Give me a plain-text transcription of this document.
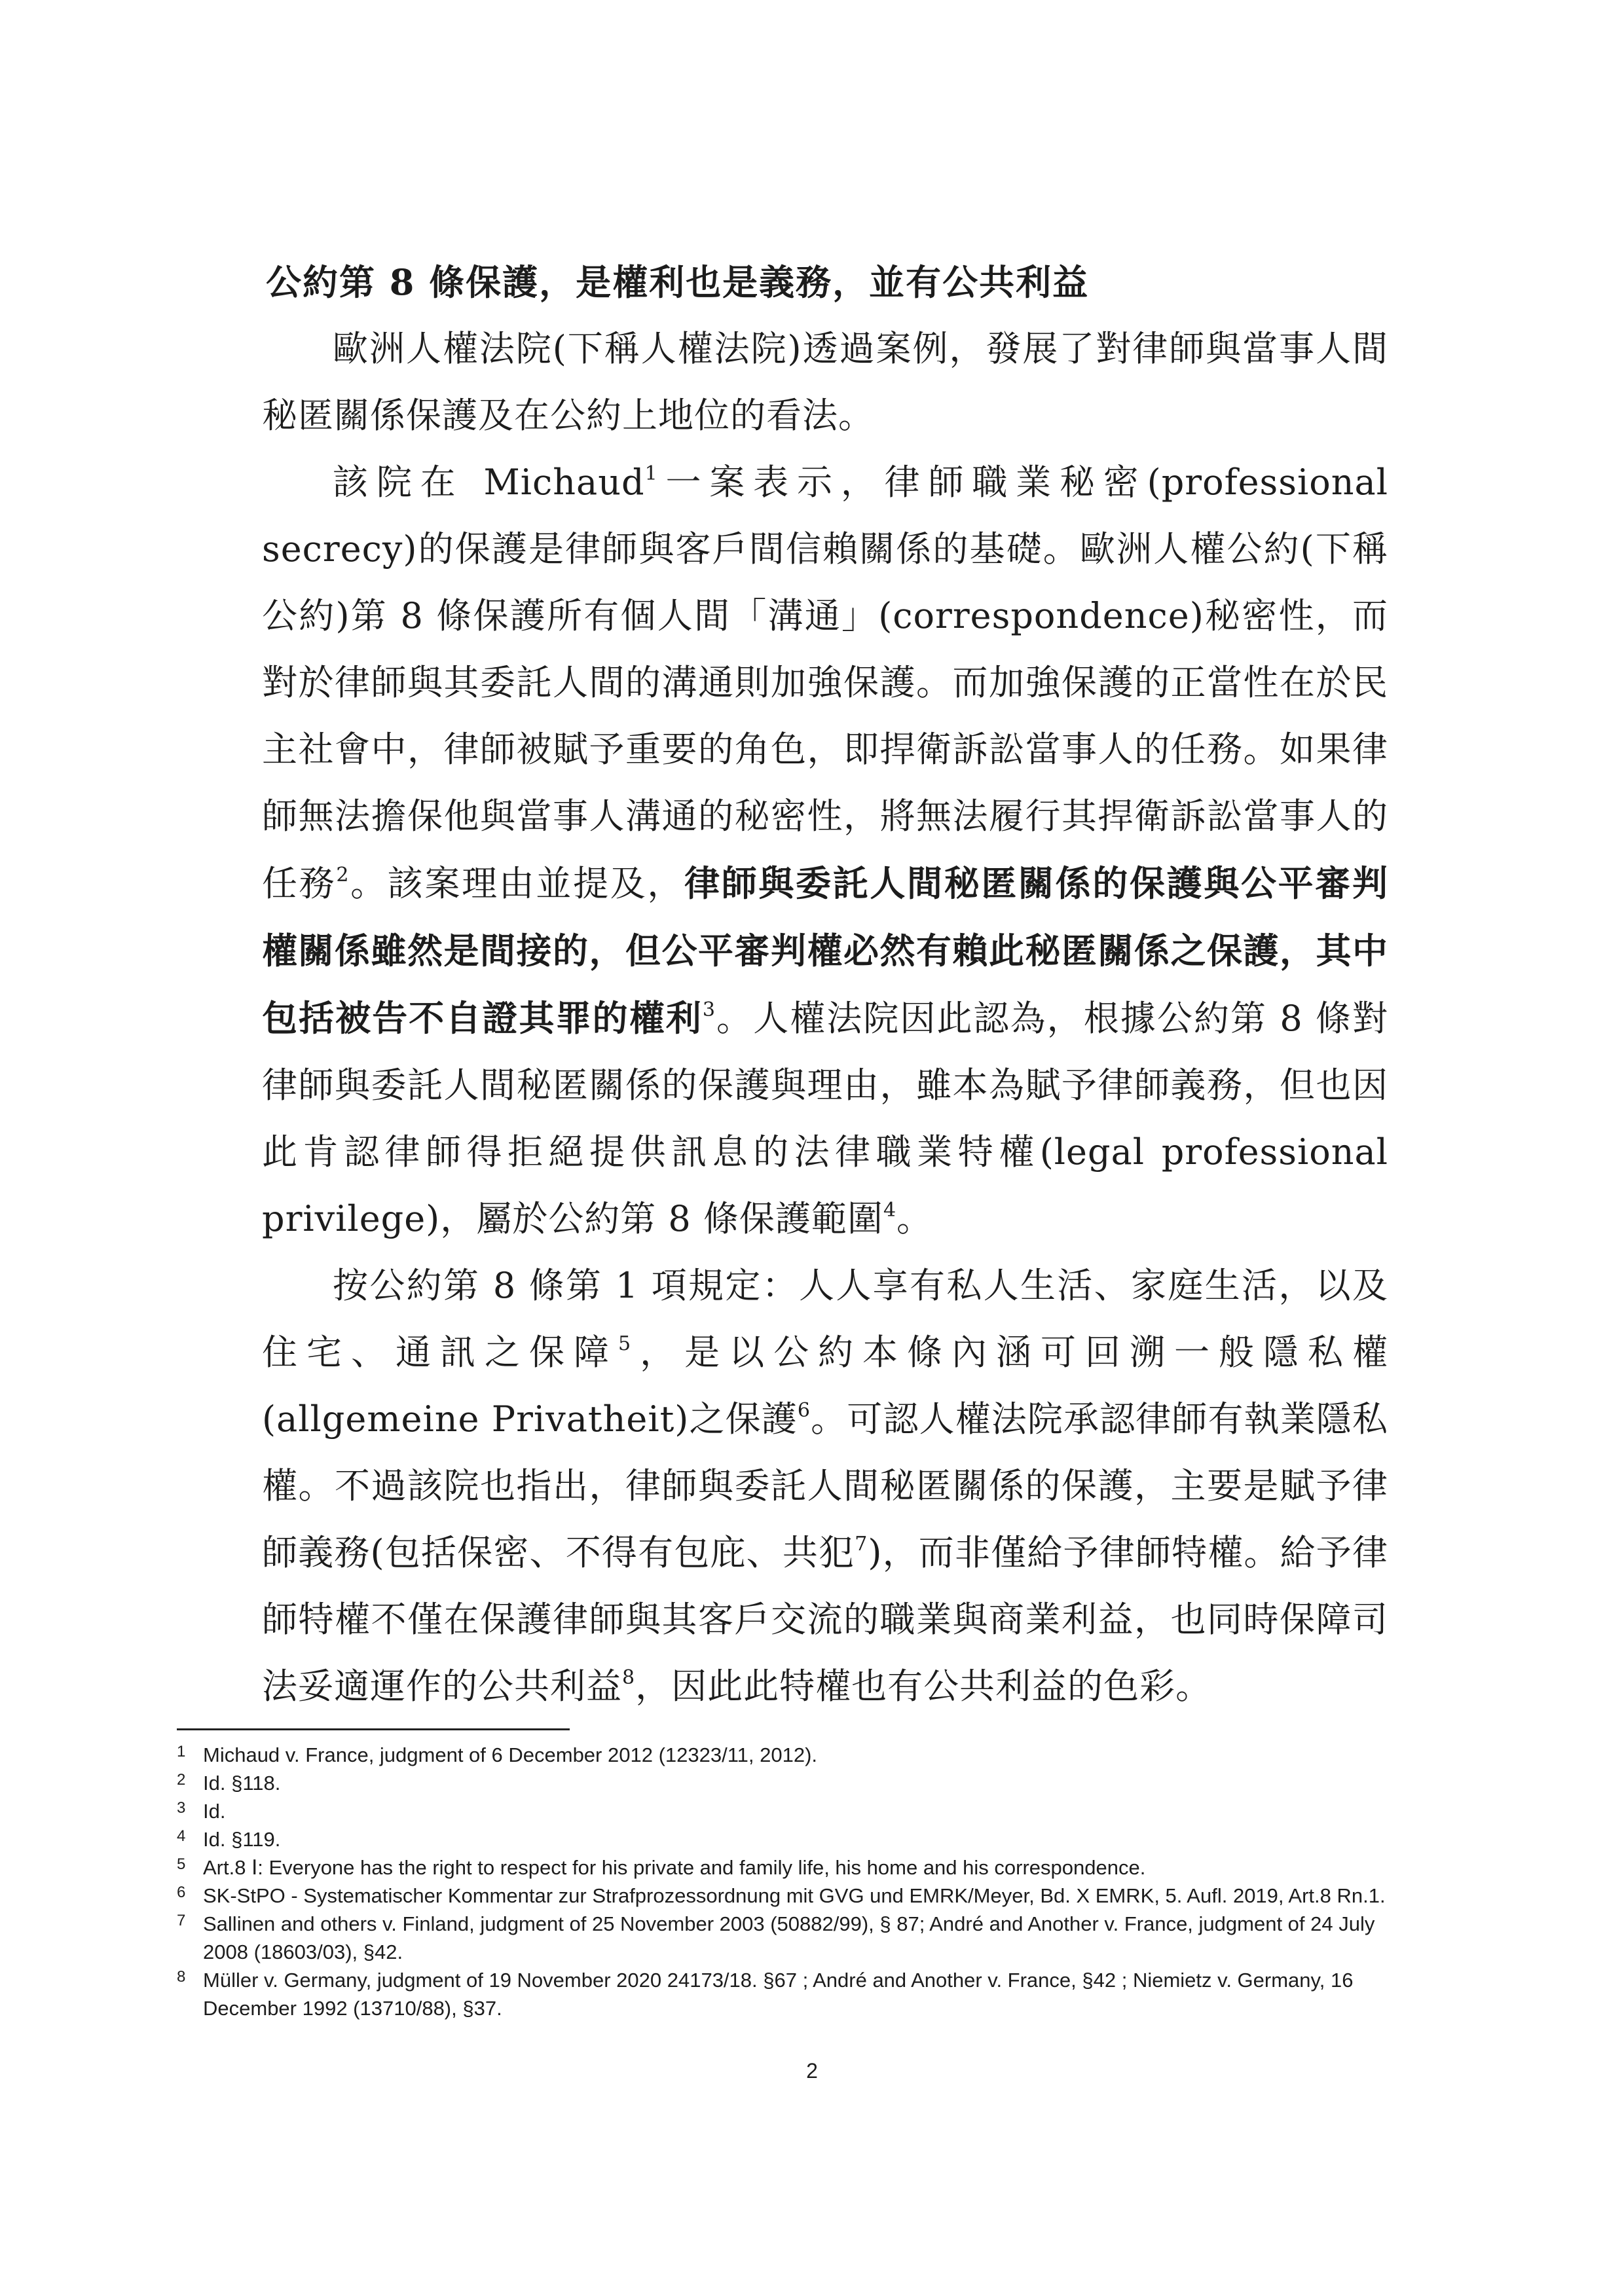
公約第 8 條保護，是權利也是義務，並有公共利益

歐洲人權法院(下稱人權法院)透過案例，發展了對律師與當事人間秘匿關係保護及在公約上地位的看法。

該院在 Michaud$^1$一案表示，律師職業秘密(professional secrecy)的保護是律師與客戶間信賴關係的基礎。歐洲人權公約(下稱公約)第 8 條保護所有個人間「溝通」(correspondence)秘密性，而對於律師與其委託人間的溝通則加強保護。而加強保護的正當性在於民主社會中，律師被賦予重要的角色，即捍衛訴訟當事人的任務。如果律師無法擔保他與當事人溝通的秘密性，將無法履行其捍衛訴訟當事人的任務$^2$。該案理由並提及，律師與委託人間秘匿關係的保護與公平審判權關係雖然是間接的，但公平審判權必然有賴此秘匿關係之保護，其中包括被告不自證其罪的權利$^3$。人權法院因此認為，根據公約第 8 條對律師與委託人間秘匿關係的保護與理由，雖本為賦予律師義務，但也因此肯認律師得拒絕提供訊息的法律職業特權(legal professional privilege)，屬於公約第 8 條保護範圍$^4$。

按公約第 8 條第 1 項規定：人人享有私人生活、家庭生活，以及住宅、通訊之保障$^5$，是以公約本條內涵可回溯一般隱私權(allgemeine Privatheit)之保護$^6$。可認人權法院承認律師有執業隱私權。不過該院也指出，律師與委託人間秘匿關係的保護，主要是賦予律師義務(包括保密、不得有包庇、共犯$^7$)，而非僅給予律師特權。給予律師特權不僅在保護律師與其客戶交流的職業與商業利益，也同時保障司法妥適運作的公共利益$^8$，因此此特權也有公共利益的色彩。

1 Michaud v. France, judgment of 6 December 2012 (12323/11, 2012).
2 Id. §118.
3 Id.
4 Id. §119.
5 Art.8 Ⅰ: Everyone has the right to respect for his private and family life, his home and his correspondence.
6 SK-StPO - Systematischer Kommentar zur Strafprozessordnung mit GVG und EMRK/Meyer, Bd. X EMRK, 5. Aufl. 2019, Art.8 Rn.1.
7 Sallinen and others v. Finland, judgment of 25 November 2003 (50882/99), § 87; André and Another v. France, judgment of 24 July 2008 (18603/03), §42.
8 Müller v. Germany, judgment of 19 November 2020 24173/18. §67 ; André and Another v. France, §42 ; Niemietz v. Germany, 16 December 1992 (13710/88), §37.
2
